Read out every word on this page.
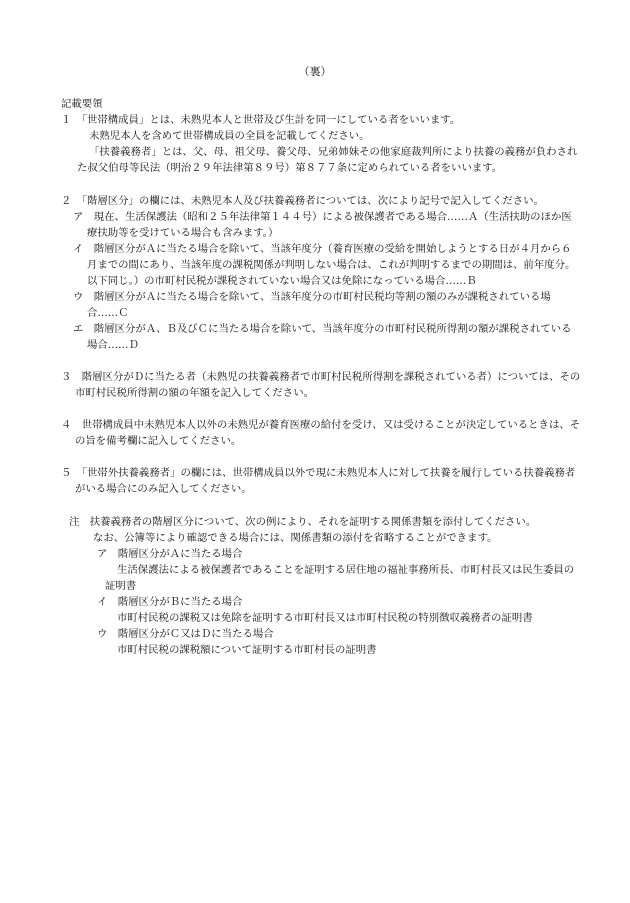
（裏）

記載要領

１　 「世帯構成員」とは、未熟児本人と世帯及び生計を同一にしている者をいいます。

未熟児本人を含めて世帯構成員の全員を記載してください。

「扶養義務者」とは、父、母、祖父母、養父母、兄弟姉妹その他家庭裁判所により扶養の義務が負わされた叔父伯母等民法（明治２９年法律第８９号）第８７７条に定められている者をいいます。

２　 「階層区分」の欄には、未熟児本人及び扶養義務者については、次により記号で記入してください。

ア　 現在、生活保護法（昭和２５年法律第１４４号）による被保護者である場合……Ａ（生活扶助のほか医療扶助等を受けている場合も含みます。）

イ　 階層区分がＡに当たる場合を除いて、当該年度分（養育医療の受給を開始しようとする日が４月から６月までの間にあり、当該年度の課税関係が判明しない場合は、これが判明するまでの期間は、前年度分。以下同じ。）の市町村民税が課税されていない場合又は免除になっている場合……Ｂ

ウ　 階層区分がＡに当たる場合を除いて、当該年度分の市町村民税均等割の額のみが課税されている場合……Ｃ

エ　 階層区分がＡ、Ｂ及びＣに当たる場合を除いて、当該年度分の市町村民税所得割の額が課税されている場合……Ｄ

３　 階層区分がＤに当たる者（未熟児の扶養義務者で市町村民税所得割を課税されている者）については、その市町村民税所得割の額の年額を記入してください。

４　 世帯構成員中未熟児本人以外の未熟児が養育医療の給付を受け、又は受けることが決定しているときは、その旨を備考欄に記入してください。

５　 「世帯外扶養義務者」の欄には、世帯構成員以外で現に未熟児本人に対して扶養を履行している扶養義務者がいる場合にのみ記入してください。

注　 扶養義務者の階層区分について、次の例により、それを証明する関係書類を添付してください。

なお、公簿等により確認できる場合には、関係書類の添付を省略することができます。

ア　 階層区分がＡに当たる場合

生活保護法による被保護者であることを証明する居住地の福祉事務所長、市町村長又は民生委員の証明書

イ　 階層区分がＢに当たる場合

市町村民税の課税又は免除を証明する市町村長又は市町村民税の特別徴収義務者の証明書

ウ　 階層区分がＣ又はＤに当たる場合

市町村民税の課税額について証明する市町村長の証明書
